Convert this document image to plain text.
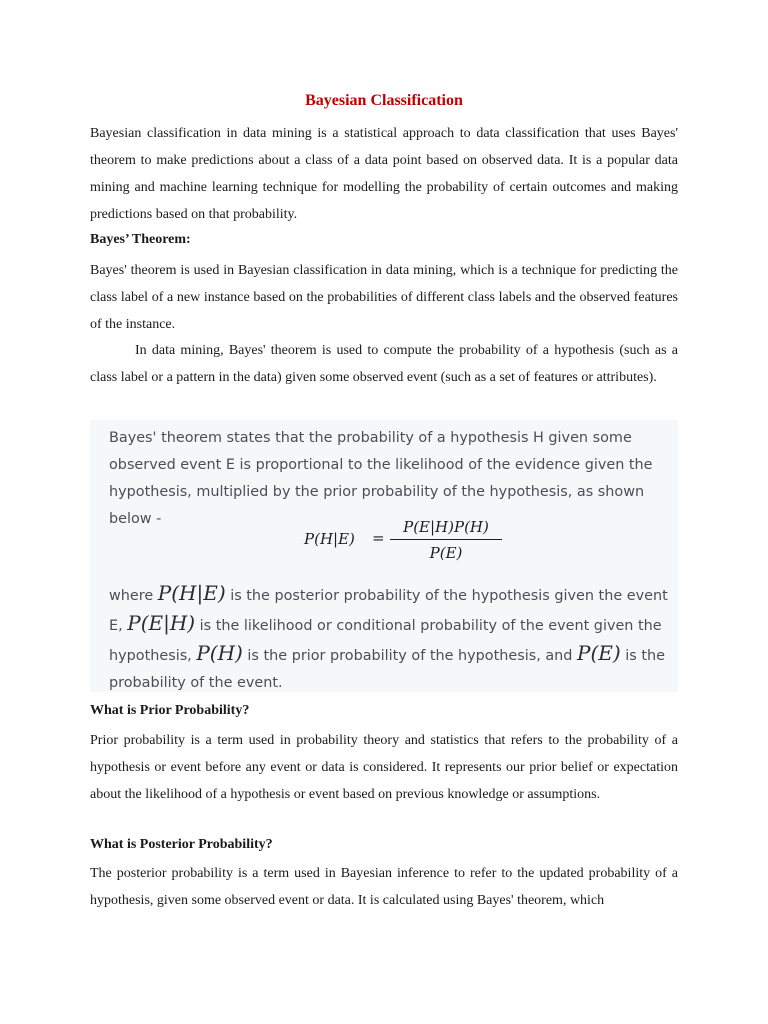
Bayesian Classification

Bayesian classification in data mining is a statistical approach to data classification that uses Bayes' theorem to make predictions about a class of a data point based on observed data. It is a popular data mining and machine learning technique for modelling the probability of certain outcomes and making predictions based on that probability.

Bayes’ Theorem:

Bayes' theorem is used in Bayesian classification in data mining, which is a technique for predicting the class label of a new instance based on the probabilities of different class labels and the observed features of the instance.

In data mining, Bayes' theorem is used to compute the probability of a hypothesis (such as a class label or a pattern in the data) given some observed event (such as a set of features or attributes).

Bayes' theorem states that the probability of a hypothesis H given some observed event E is proportional to the likelihood of the evidence given the hypothesis, multiplied by the prior probability of the hypothesis, as shown below -

P(H|E) =
P(E|H)P(H)
P(E)

where P(H|E) is the posterior probability of the hypothesis given the event E, P(E|H) is the likelihood or conditional probability of the event given the hypothesis, P(H) is the prior probability of the hypothesis, and P(E) is the probability of the event.

What is Prior Probability?

Prior probability is a term used in probability theory and statistics that refers to the probability of a hypothesis or event before any event or data is considered. It represents our prior belief or expectation about the likelihood of a hypothesis or event based on previous knowledge or assumptions.

What is Posterior Probability?

The posterior probability is a term used in Bayesian inference to refer to the updated probability of a hypothesis, given some observed event or data. It is calculated using Bayes' theorem, which
